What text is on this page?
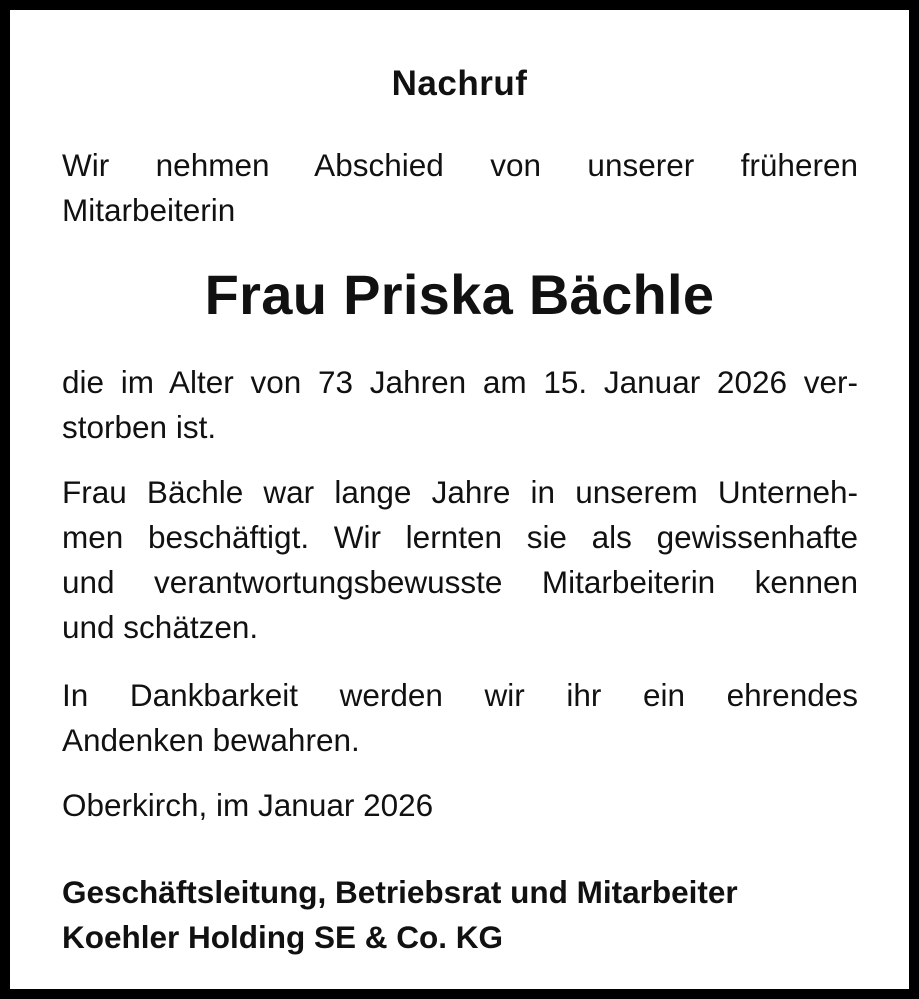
Nachruf
Wir nehmen Abschied von unserer früheren
Mitarbeiterin
Frau Priska Bächle
die im Alter von 73 Jahren am 15. Januar 2026 ver-
storben ist.
Frau Bächle war lange Jahre in unserem Unterneh-
men beschäftigt. Wir lernten sie als gewissenhafte
und verantwortungsbewusste Mitarbeiterin kennen
und schätzen.
In Dankbarkeit werden wir ihr ein ehrendes
Andenken bewahren.
Oberkirch, im Januar 2026
Geschäftsleitung, Betriebsrat und Mitarbeiter
Koehler Holding SE & Co. KG
